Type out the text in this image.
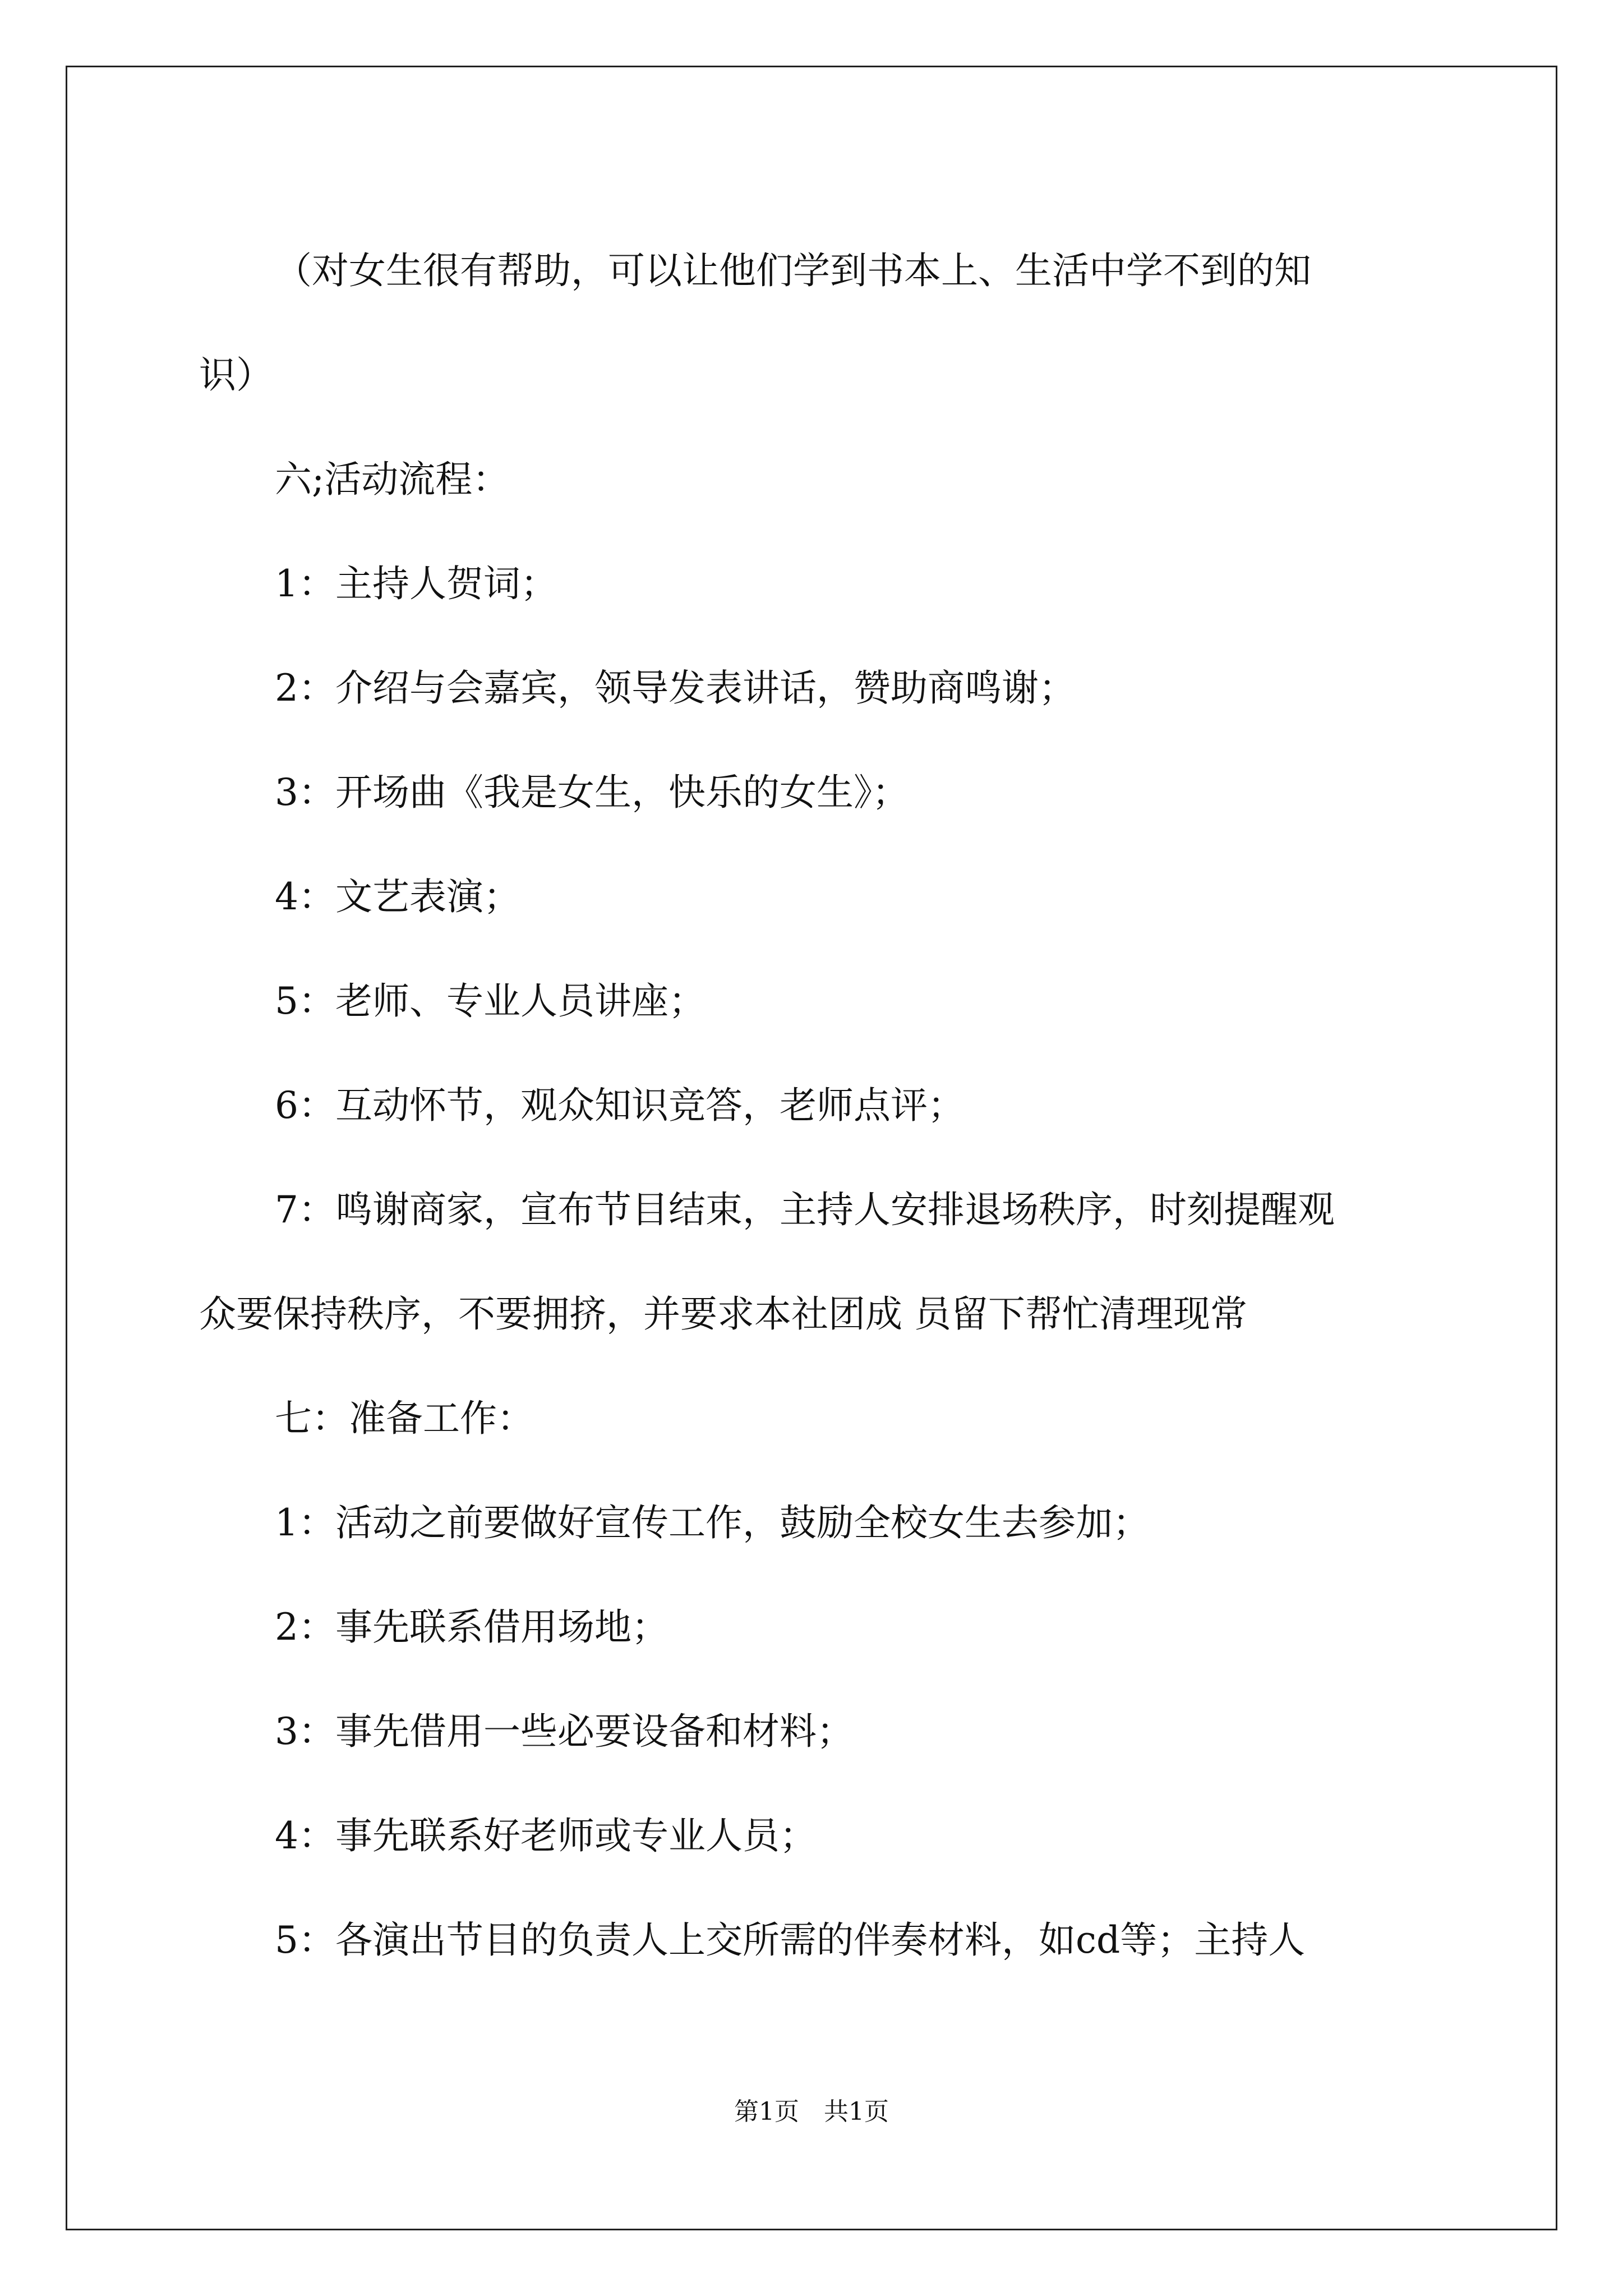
（对女生很有帮助，可以让他们学到书本上、生活中学不到的知

识）

六;活动流程：

1：主持人贺词；

2：介绍与会嘉宾，领导发表讲话，赞助商鸣谢；

3：开场曲《我是女生，快乐的女生》；

4：文艺表演；

5：老师、专业人员讲座；

6：互动怀节，观众知识竞答，老师点评；

7：鸣谢商家，宣布节目结束，主持人安排退场秩序，时刻提醒观

众要保持秩序，不要拥挤，并要求本社团成 员留下帮忙清理现常

七：准备工作：

1：活动之前要做好宣传工作，鼓励全校女生去参加；

2：事先联系借用场地；

3：事先借用一些必要设备和材料；

4：事先联系好老师或专业人员；

5：各演出节目的负责人上交所需的伴奏材料，如cd等；主持人

第1页　共1页
